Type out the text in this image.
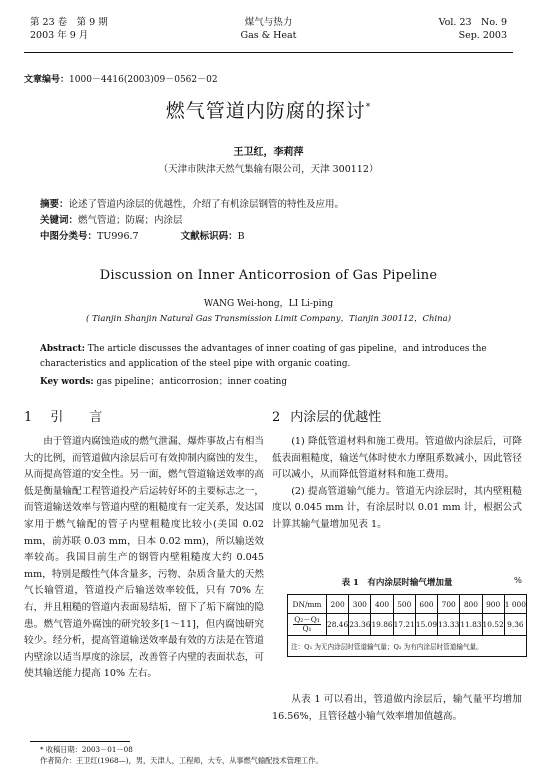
第 23 卷　第 9 期
2003 年 9 月
煤气与热力
Gas & Heat
Vol. 23　No. 9
Sep. 2003
文章编号：1000－4416(2003)09－0562－02
燃气管道内防腐的探讨*
王卫红，李莉萍
（天津市陕津天然气集输有限公司，天津 300112）
摘要：论述了管道内涂层的优越性，介绍了有机涂层钢管的特性及应用。
关键词：燃气管道；防腐；内涂层
中图分类号：TU996.7	文献标识码：B
Discussion on Inner Anticorrosion of Gas Pipeline
WANG Wei-hong，LI Li-ping
( Tianjin Shanjin Natural Gas Transmission Limit Company，Tianjin 300112，China)
Abstract: The article discusses the advantages of inner coating of gas pipeline，and introduces the characteristics and application of the steel pipe with organic coating.
Key words: gas pipeline；anticorrosion；inner coating
1 引　　言	2 内涂层的优越性

由于管道内腐蚀造成的燃气泄漏、爆炸事故占有相当大的比例，而管道做内涂层后可有效抑制内腐蚀的发生，从而提高管道的安全性。另一面，燃气管道输送效率的高低是衡量输配工程管道投产后运转好坏的主要标志之一，而管道输送效率与管道内壁的粗糙度有一定关系，发达国家用于燃气输配的管子内壁粗糙度比较小(美国 0.02 mm，前苏联 0.03 mm，日本 0.02 mm)，所以输送效率较高。我国目前生产的钢管内壁粗糙度大约 0.045 mm，特别是酸性气体含量多，污物、杂质含量大的天然气长输管道，管道投产后输送效率较低，只有 70% 左右，并且粗糙的管道内表面易结垢，留下了垢下腐蚀的隐患。燃气管道外腐蚀的研究较多[1～11]，但内腐蚀研究较少。经分析，提高管道输送效率最有效的方法是在管道内壁涂以适当厚度的涂层，改善管子内壁的表面状态，可使其输送能力提高 10% 左右。

(1) 降低管道材料和施工费用。管道做内涂层后，可降低表面粗糙度，输送气体时使水力摩阻系数减小，因此管径可以减小，从而降低管道材料和施工费用。

(2) 提高管道输气能力。管道无内涂层时，其内壁粗糙度以 0.045 mm 计，有涂层时以 0.01 mm 计，根据公式计算其输气量增加见表 1。

表 1　有内涂层时输气增加量	%
DN/mm	200	300	400	500	600	700	800	900	1 000

$\frac{\text{Q₂－Q₁}}{\text{Q₁}}$	28.46	23.36	19.86	17.21	15.09	13.33	11.83	10.52	9.36
注：Q₁ 为无内涂层时管道输气量；Q₂ 为有内涂层时管道输气量。									

从表 1 可以看出，管道做内涂层后，输气量平均增加 16.56%，且管径越小输气效率增加值越高。

* 收稿日期：2003－01－08
作者简介：王卫红(1968—)，男，天津人，工程师，大专，从事燃气输配技术管理工作。
